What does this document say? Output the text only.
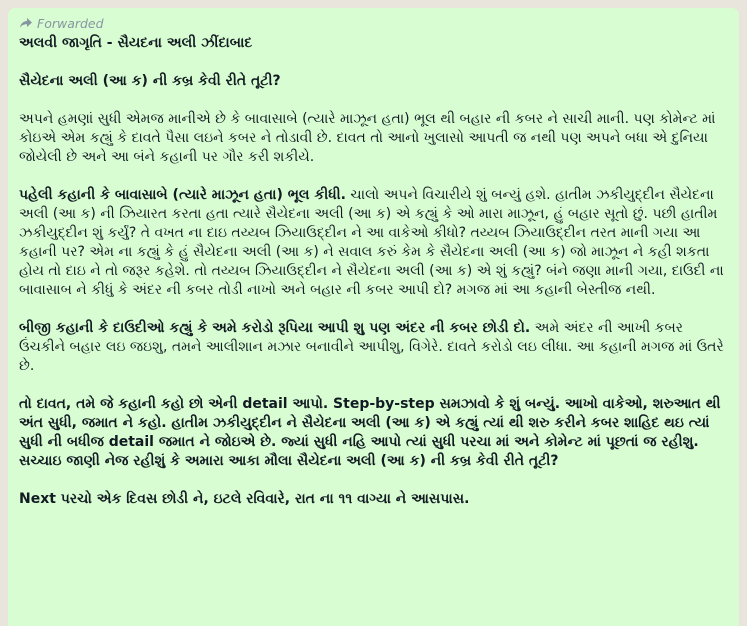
Forwarded

અલવી જાગૃતિ - સૈયદના અલી ઝીંદાબાદ

સૈયેદના અલી (આ ક) ની કબ્ર કેવી રીતે તૂટી?

અપને હમણાં સુધી એમજ માનીએ છે કે બાવાસાબે (ત્યારે માઝૂન હતા) ભૂલ થી બહાર ની કબર ને સાચી માની. પણ કોમેન્ટ માં કોઇએ એમ કહ્યું કે દાવતે પૈસા લઇને કબર ને તોડાવી છે. દાવત તો આનો ખુલાસો આપતી જ નથી પણ અપને બધા એ દુનિયા જોયેલી છે અને આ બંને કહાની પર ગૌર કરી શકીયે.

પહેલી કહાની કે બાવાસાબે (ત્યારે માઝૂન હતા) ભૂલ કીધી. ચાલો અપને વિચારીયે શું બન્યું હશે. હાતીમ ઝકીયુદ્દીન સૈયેદના અલી (આ ક) ની ઝિયારત કરતા હતા ત્યારે સૈયેદના અલી (આ ક) એ કહ્યું કે ઓ મારા માઝૂન, હું બહાર સૂતો છું. પછી હાતીમ ઝકીયુદ્દીન શું કર્યું? તે વખત ના દાઇ તય્યબ ઝિયાઉદ્દીન ને આ વાકેઓ કીધો? તય્યબ ઝિયાઉદ્દીન તરત માની ગયા આ કહાની પર? એમ ના કહ્યું કે હું સૈયેદના અલી (આ ક) ને સવાલ કરું કેમ કે સૈયેદના અલી (આ ક) જો માઝૂન ને કહી શકતા હોય તો દાઇ ને તો જરૂર કહેશે. તો તય્યબ ઝિયાઉદ્દીન ને સૈયેદના અલી (આ ક) એ શું કહ્યું? બંને જણા માની ગયા, દાઉદી ના બાવાસાબ ને કીધું કે અંદર ની કબર તોડી નાખો અને બહાર ની કબર આપી દો? મગજ માં આ કહાની બેસ્તીજ નથી.

બીજી કહાની કે દાઉદીઓ કહ્યું કે અમે કરોડો રૂપિયા આપી શુ પણ અંદર ની કબર છોડી દો. અમે અંદર ની આખી કબર ઉંચકીને બહાર લઇ જઇશુ, તમને આલીશાન મઝાર બનાવીને આપીશુ, વિગેરે. દાવતે કરોડો લઇ લીધા. આ કહાની મગજ માં ઉતરે છે.

તો દાવત, તમે જે કહાની કહો છો એની detail આપો. Step-by-step સમઝાવો કે શું બન્યું. આખો વાકેઓ, શરુઆત થી અંત સુધી, જમાત ને કહો. હાતીમ ઝકીયુદ્દીન ને સૈયેદના અલી (આ ક) એ કહ્યું ત્યાં થી શરુ કરીને કબર શાહિદ થઇ ત્યાં સુધી ની બધીજ detail જમાત ને જોઇએ છે. જ્યાં સુધી નહિ આપો ત્યાં સુધી પરચા માં અને કોમેન્ટ માં પૂછતાં જ રહીશુ. સચ્ચાઇ જાણી નેજ રહીશું કે અમારા આકા મૌલા સૈયેદના અલી (આ ક) ની કબ્ર કેવી રીતે તૂટી?

Next પરચો એક દિવસ છોડી ને, ઇટલે રવિવારે, રાત ના ૧૧ વાગ્યા ને આસપાસ.
